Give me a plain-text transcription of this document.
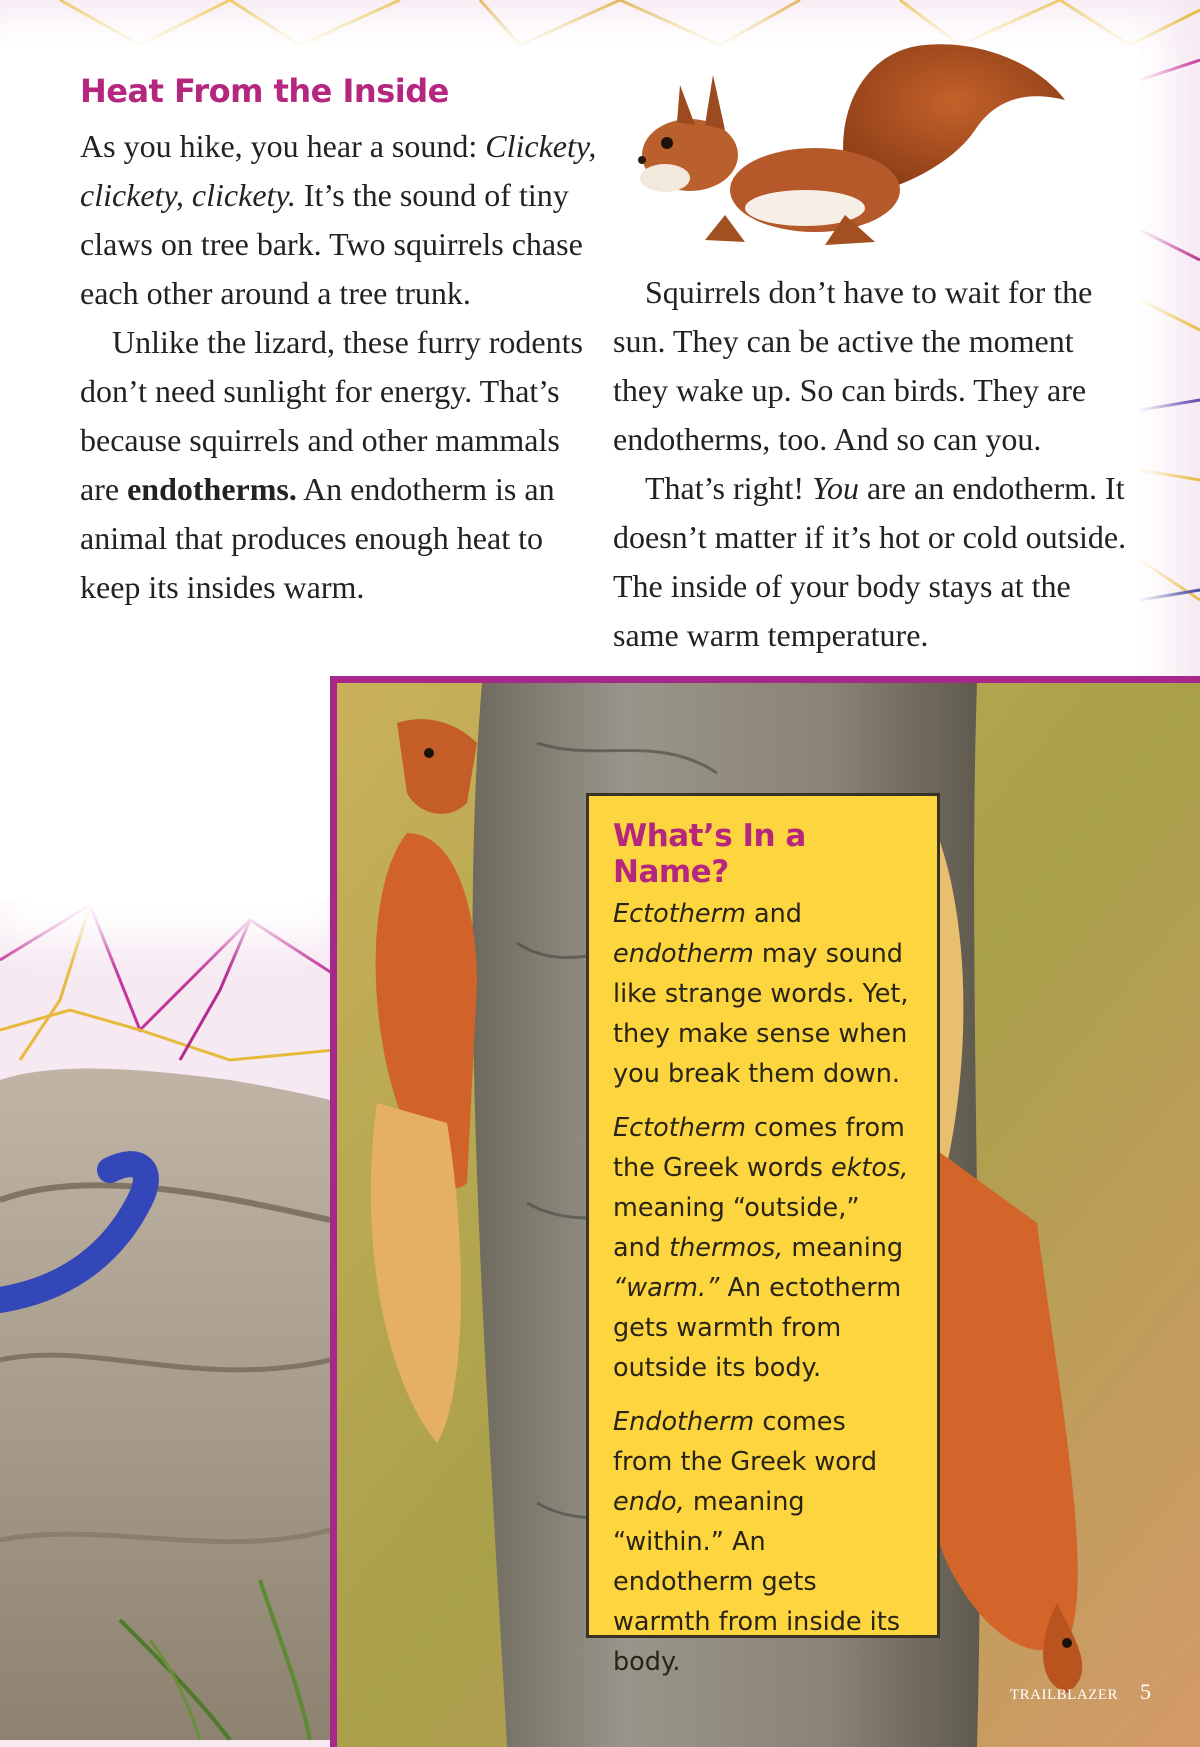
Heat From the Inside

As you hike, you hear a sound: Clickety, clickety, clickety. It’s the sound of tiny claws on tree bark. Two squirrels chase each other around a tree trunk.

Unlike the lizard, these furry rodents don’t need sunlight for energy. That’s because squirrels and other mammals are endotherms. An endotherm is an animal that produces enough heat to keep its insides warm.

Squirrels don’t have to wait for the sun. They can be active the moment they wake up. So can birds. They are endotherms, too. And so can you.

That’s right! You are an endotherm. It doesn’t matter if it’s hot or cold outside. The inside of your body stays at the same warm temperature.

What’s In a Name?

Ectotherm and endotherm may sound like strange words. Yet, they make sense when you break them down.

Ectotherm comes from the Greek words ektos, meaning “outside,” and thermos, meaning “warm.” An ectotherm gets warmth from outside its body.

Endotherm comes from the Greek word endo, meaning “within.” An endotherm gets warmth from inside its body.

TRAILBLAZER 5
